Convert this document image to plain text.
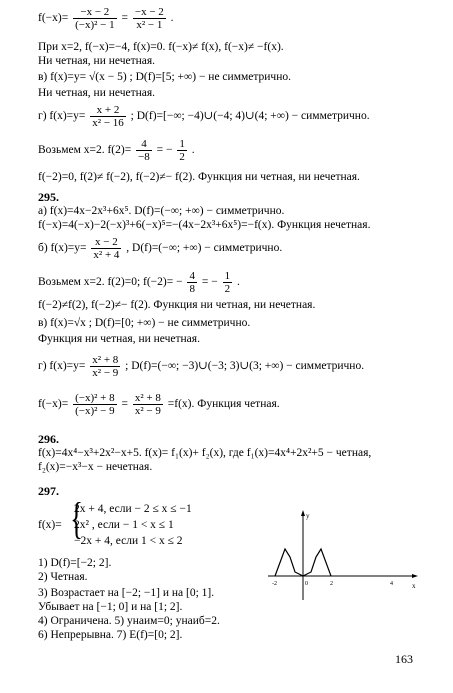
$f(-x)= \frac{-x - 2}{\text{(−x)² − 1}} = \frac{-x - 2}{\text{x² − 1}}$ .
При x=2, f(−x)=−4, f(x)=0. f(−x)≠ f(x), f(−x)≠ −f(x).
Ни четная, ни нечетная.
в) f(x)=y= √(x − 5) ; D(f)=[5; +∞) − не симметрично.
Ни четная, ни нечетная.
г) $f(x)=y= \frac{x + 2}{\text{x² − 16}}$ ; D(f)=[−∞; −4)∪(−4; 4)∪(4; +∞) − симметрично.
Возьмем x=2. $f(2)= \frac{4}{-8}$ = − $\frac{1}{2}$ .
f(−2)=0, f(2)≠ f(−2), f(−2)≠− f(2). Функция ни четная, ни нечетная.
295.
а) f(x)=4x−2x³+6x⁵. D(f)=(−∞; +∞) − симметрично.
f(−x)=4(−x)−2(−x)³+6(−x)⁵=−(4x−2x³+6x⁵)=−f(x). Функция нечетная.
б) $f(x)=y= \frac{x - 2}{\text{x² + 4}}$ , D(f)=(−∞; +∞) − симметрично.
Возьмем x=2. f(2)=0; $f(-2)= - \frac{4}{8}$ = − $\frac{1}{2}$ .
f(−2)≠f(2), f(−2)≠− f(2). Функция ни четная, ни нечетная.
в) f(x)=√x ; D(f)=[0; +∞) − не симметрично.
Функция ни четная, ни нечетная.
г) $f(x)=y= \frac{\text{x² + 8}}{\text{x² − 9}}$ ; D(f)=(−∞; −3)∪(−3; 3)∪(3; +∞) − симметрично.
$f(-x)= \frac{\text{(−x)² + 8}}{\text{(−x)² − 9}} = \frac{\text{x² + 8}}{\text{x² − 9}} =f(x)$. Функция четная.
296.
f(x)=4x⁴−x³+2x²−x+5. f(x)= f₁(x)+ f₂(x), где f₁(x)=4x⁴+2x²+5 − четная,
f₂(x)=−x³−x − нечетная.
297.
f(x)= {
2x + 4, если − 2 ≤ x ≤ −1
2x² , если − 1 < x ≤ 1
−2x + 4, если 1 < x ≤ 2
1) D(f)=[−2; 2].
2) Четная.
3) Возрастает на [−2; −1] и на [0; 1].
Убывает на [−1; 0] и на [1; 2].
4) Ограничена. 5) yнаим=0; yнаиб=2.
6) Непрерывна. 7) E(f)=[0; 2].
x
y
-2	0	2	4
163
